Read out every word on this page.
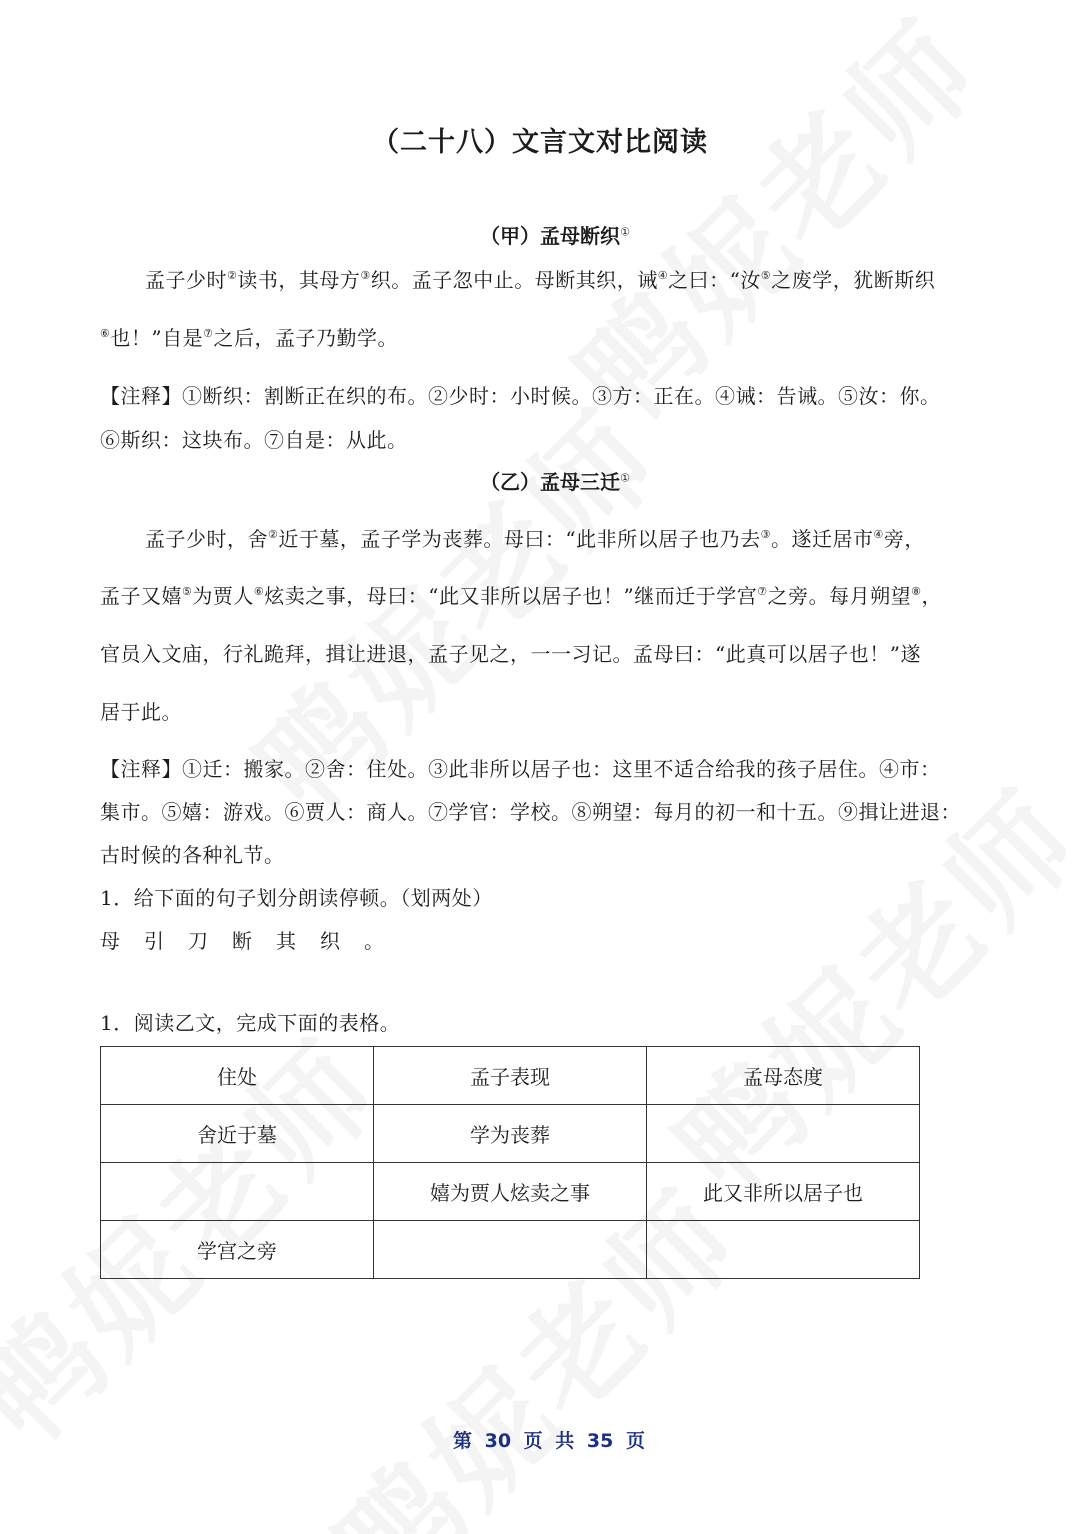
（二十八）文言文对比阅读
（甲）孟母断织①
孟子少时②读书，其母方③织。孟子忽中止。母断其织，诫④之曰：“汝⑤之废学，犹断斯织
⑥也！”自是⑦之后，孟子乃勤学。
【注释】①断织：割断正在织的布。②少时：小时候。③方：正在。④诫：告诫。⑤汝：你。
⑥斯织：这块布。⑦自是：从此。
（乙）孟母三迁①
孟子少时，舍②近于墓，孟子学为丧葬。母曰：“此非所以居子也乃去③。遂迁居市④旁，
孟子又嬉⑤为贾人⑥炫卖之事，母曰：“此又非所以居子也！”继而迁于学宫⑦之旁。每月朔望⑧，
官员入文庙，行礼跪拜，揖让进退，孟子见之，一一习记。孟母曰：“此真可以居子也！”遂
居于此。
【注释】①迁：搬家。②舍：住处。③此非所以居子也：这里不适合给我的孩子居住。④市：
集市。⑤嬉：游戏。⑥贾人：商人。⑦学官：学校。⑧朔望：每月的初一和十五。⑨揖让进退：
古时候的各种礼节。
1．给下面的句子划分朗读停顿。（划两处）
母引刀断其织。
1．阅读乙文，完成下面的表格。
住处	孟子表现	孟母态度
舍近于墓	学为丧葬	
	嬉为贾人炫卖之事	此又非所以居子也
学宫之旁		
第 30 页 共 35 页
